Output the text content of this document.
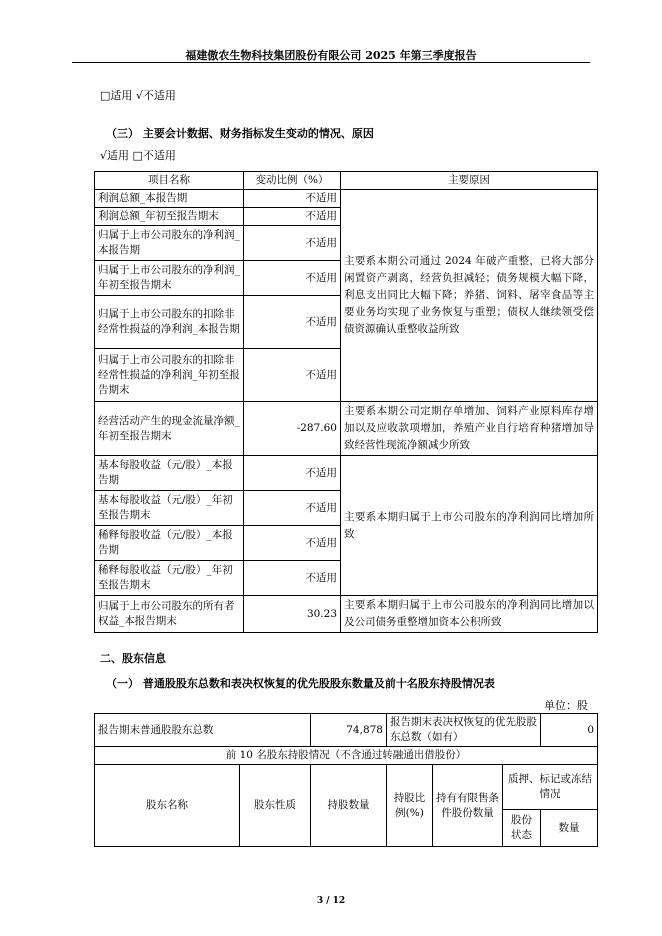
福建傲农生物科技集团股份有限公司 2025 年第三季度报告
□适用 √不适用
（三） 主要会计数据、财务指标发生变动的情况、原因
√适用 □不适用
项目名称	变动比例（%）	主要原因
利润总额_本报告期	不适用	主要系本期公司通过 2024 年破产重整，已将大部分闲置资产剥离，经营负担减轻；债务规模大幅下降，利息支出同比大幅下降；养猪、饲料、屠宰食品等主要业务均实现了业务恢复与重塑；债权人继续领受偿债资源确认重整收益所致
利润总额_年初至报告期末	不适用	
归属于上市公司股东的净利润_本报告期	不适用	
归属于上市公司股东的净利润_年初至报告期末	不适用	
归属于上市公司股东的扣除非经常性损益的净利润_本报告期	不适用	
归属于上市公司股东的扣除非经常性损益的净利润_年初至报告期末	不适用	
经营活动产生的现金流量净额_年初至报告期末	-287.60	主要系本期公司定期存单增加、饲料产业原料库存增加以及应收款项增加，养殖产业自行培育种猪增加导致经营性现流净额减少所致
基本每股收益（元/股）_本报告期	不适用	主要系本期归属于上市公司股东的净利润同比增加所致
基本每股收益（元/股）_年初至报告期末	不适用	
稀释每股收益（元/股）_本报告期	不适用	
稀释每股收益（元/股）_年初至报告期末	不适用	
归属于上市公司股东的所有者权益_本报告期末	30.23	主要系本期归属于上市公司股东的净利润同比增加以及公司债务重整增加资本公积所致
二、股东信息
（一） 普通股股东总数和表决权恢复的优先股股东数量及前十名股东持股情况表
单位：股
报告期末普通股股东总数		74,878	报告期末表决权恢复的优先股股东总数（如有）			0
前 10 名股东持股情况（不含通过转融通出借股份）						
股东名称	股东性质	持股数量	持股比例(%)	持有有限售条件股份数量	质押、标记或冻结情况	
					股份状态	数量
3 / 12
